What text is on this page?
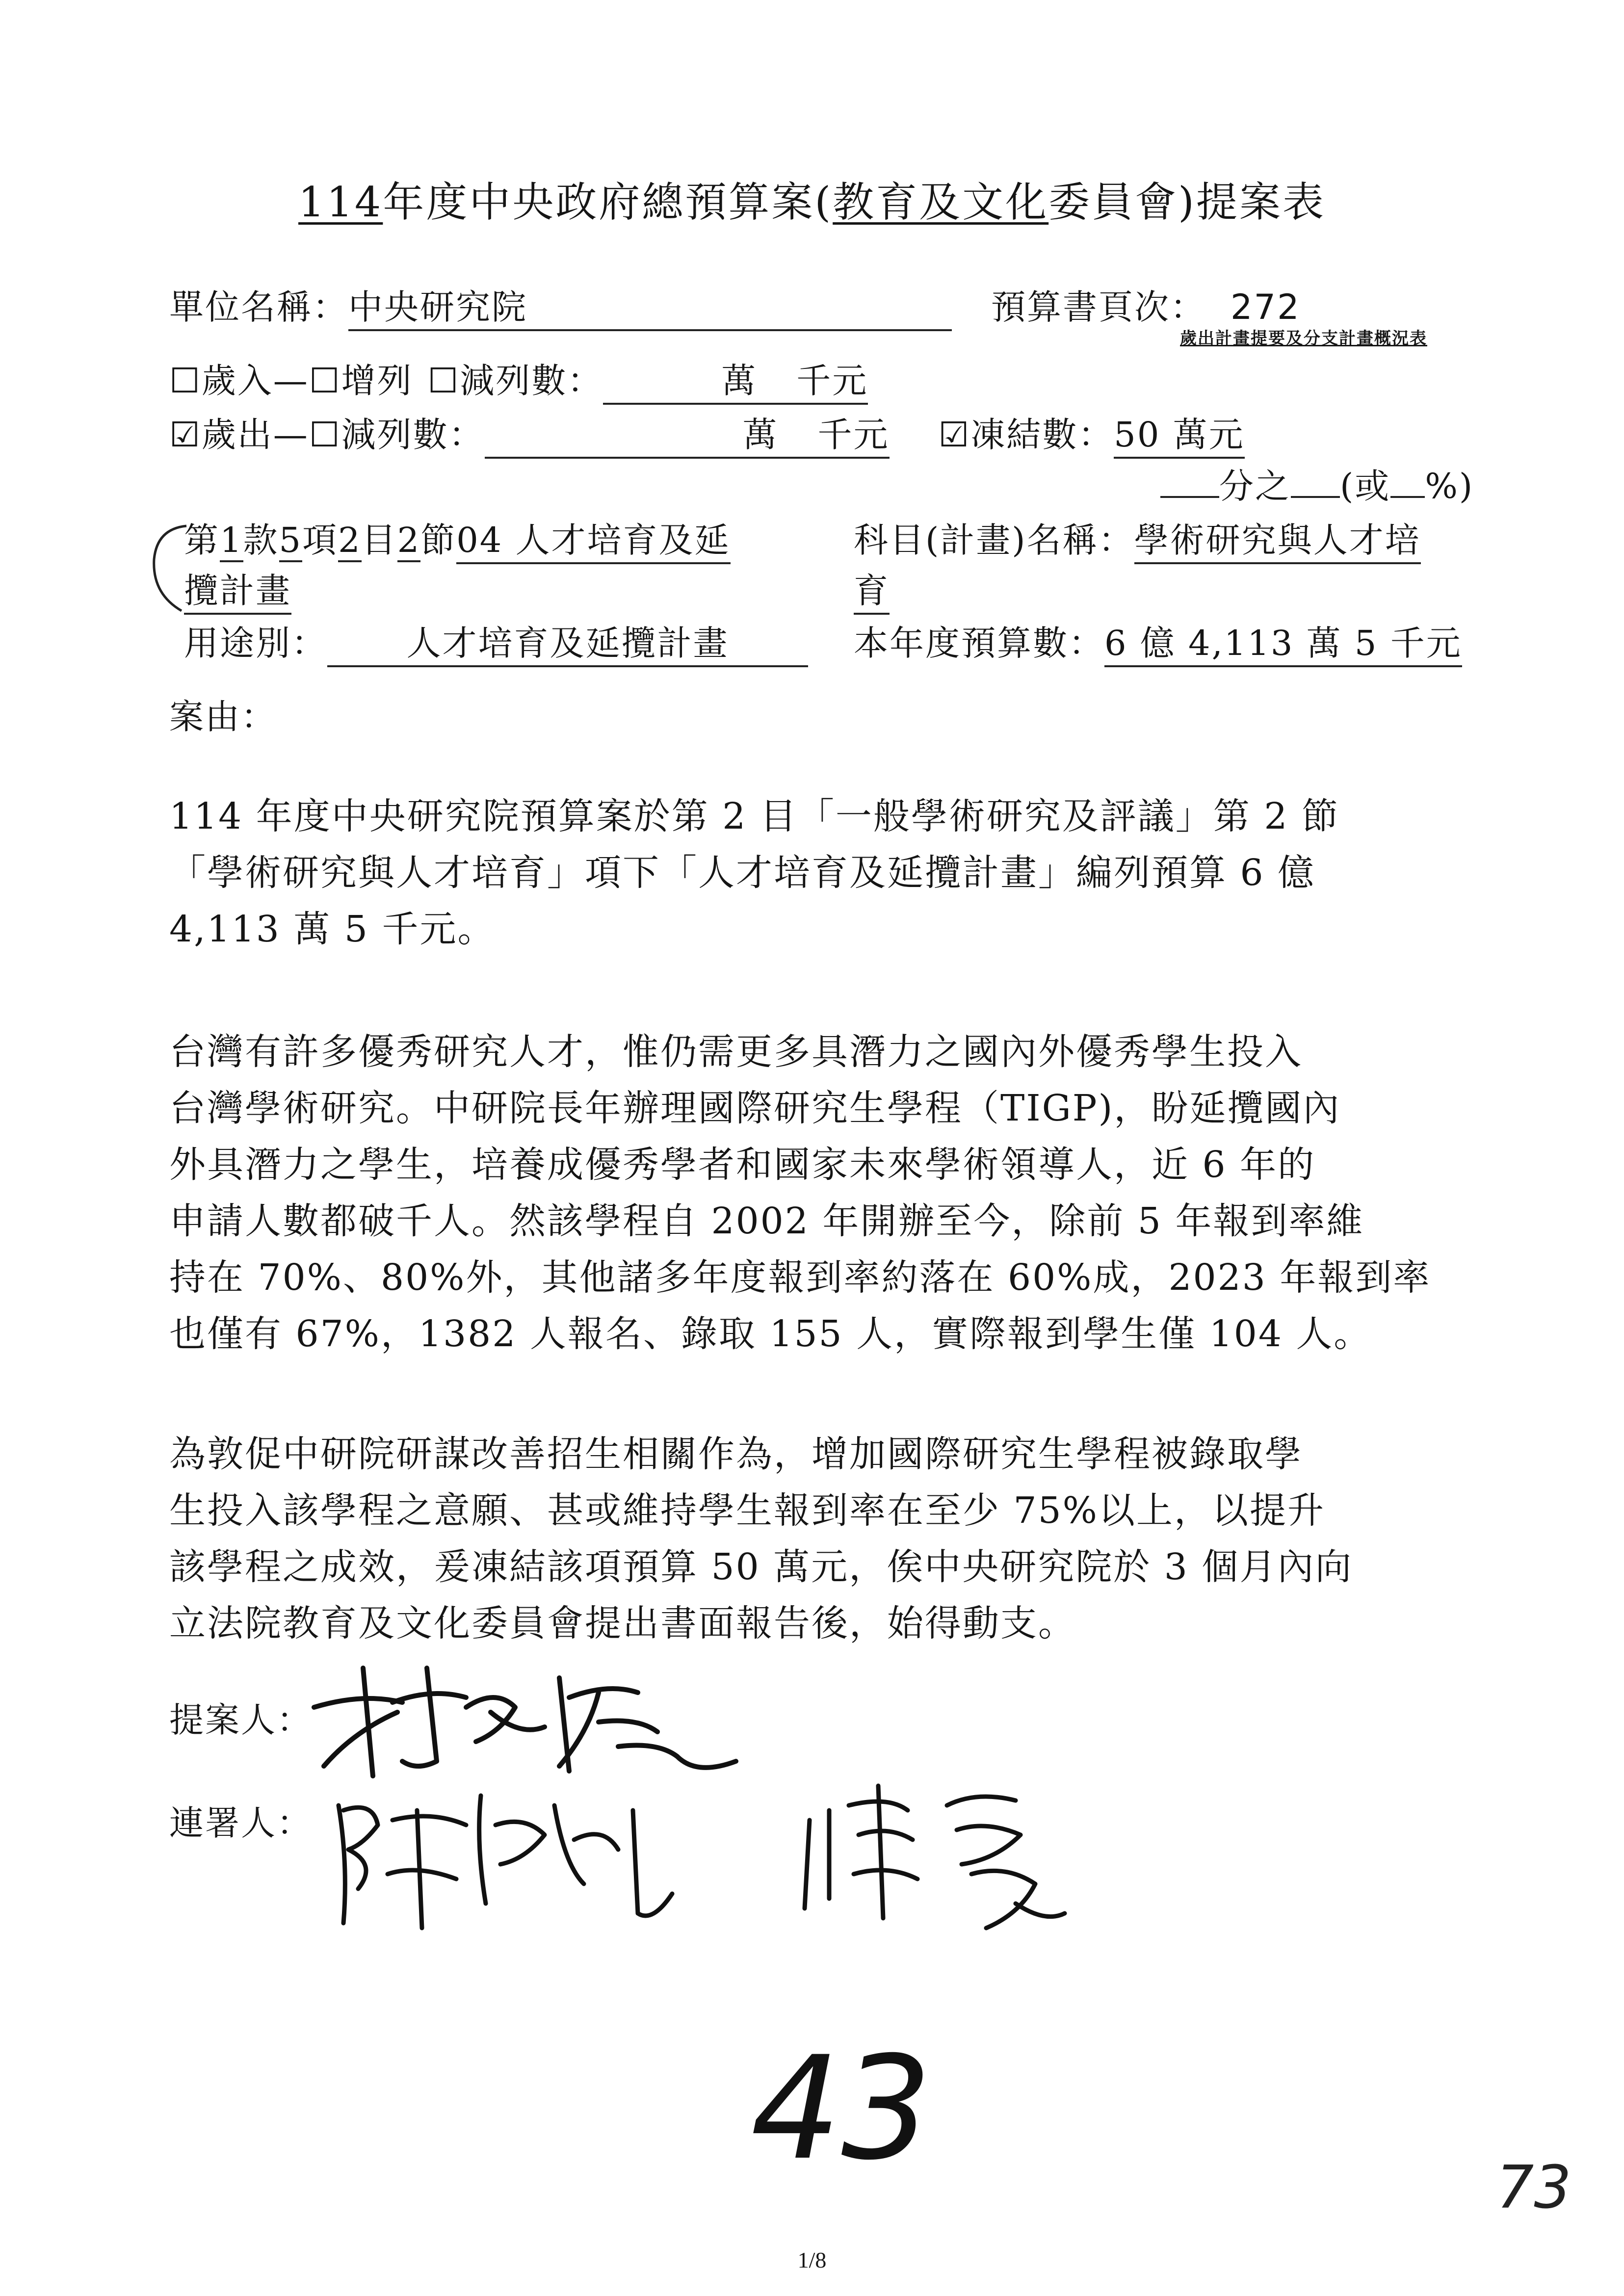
114年度中央政府總預算案(教育及文化委員會)提案表
單位名稱：中央研究院	預算書頁次： 272
歲出計畫提要及分支計畫概況表
☐歲入—☐增列 ☐減列數：	萬 千元
☑歲出—☐減列數：	萬 千元 ☑凍結數：50 萬元
分之 (或 %)
第1款5項2目2節04 人才培育及延
攬計畫
科目(計畫)名稱：學術研究與人才培
育
用途別： 人才培育及延攬計畫	本年度預算數：6 億 4,113 萬 5 千元
案由：
114 年度中央研究院預算案於第 2 目「一般學術研究及評議」第 2 節
「學術研究與人才培育」項下「人才培育及延攬計畫」編列預算 6 億
4,113 萬 5 千元。
台灣有許多優秀研究人才，惟仍需更多具潛力之國內外優秀學生投入
台灣學術研究。中研院長年辦理國際研究生學程（TIGP)，盼延攬國內
外具潛力之學生，培養成優秀學者和國家未來學術領導人，近 6 年的
申請人數都破千人。然該學程自 2002 年開辦至今，除前 5 年報到率維
持在 70%、80%外，其他諸多年度報到率約落在 60%成，2023 年報到率
也僅有 67%，1382 人報名、錄取 155 人，實際報到學生僅 104 人。
為敦促中研院研謀改善招生相關作為，增加國際研究生學程被錄取學
生投入該學程之意願、甚或維持學生報到率在至少 75%以上，以提升
該學程之成效，爰凍結該項預算 50 萬元，俟中央研究院於 3 個月內向
立法院教育及文化委員會提出書面報告後，始得動支。
提案人：
連署人：
43	73
1/8
